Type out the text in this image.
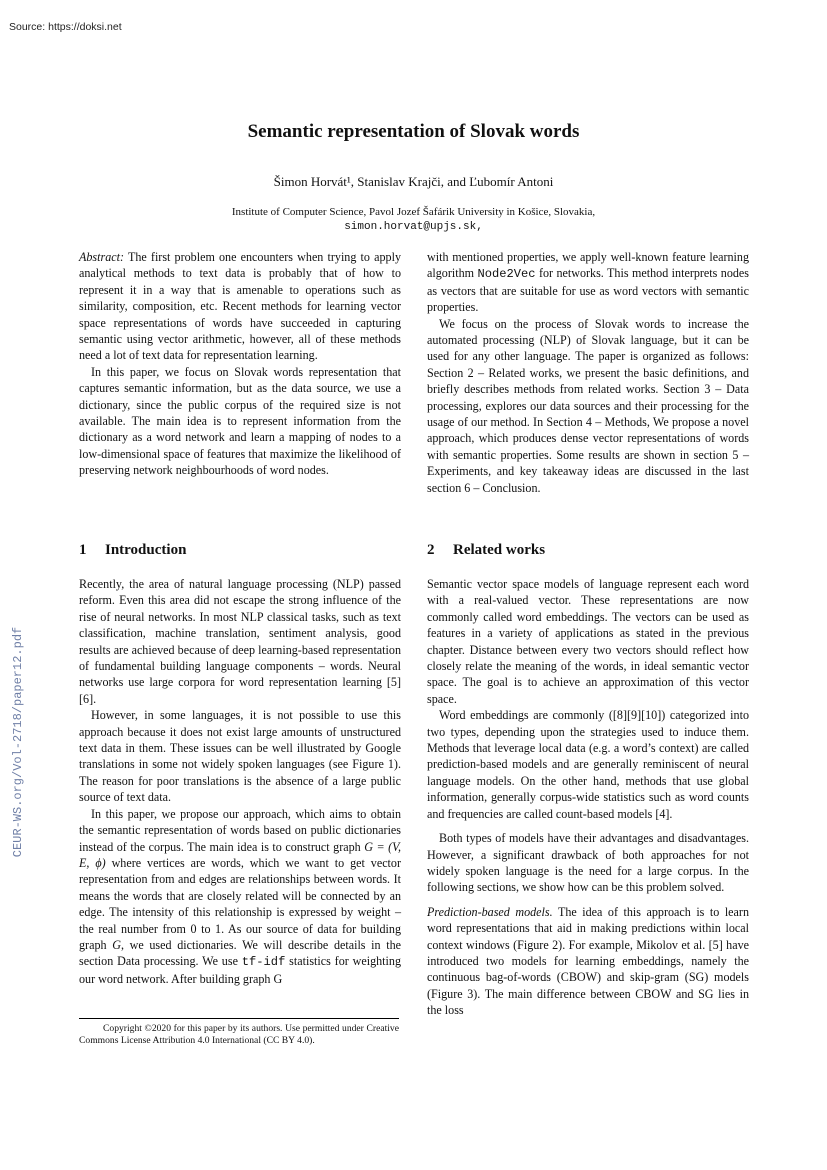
Source: https://doksi.net
CEUR-WS.org/Vol-2718/paper12.pdf
Semantic representation of Slovak words
Šimon Horvát¹, Stanislav Krajči, and Ľubomír Antoni
Institute of Computer Science, Pavol Jozef Šafárik University in Košice, Slovakia,
simon.horvat@upjs.sk,

Abstract: The first problem one encounters when trying to apply analytical methods to text data is probably that of how to represent it in a way that is amenable to operations such as similarity, composition, etc. Recent methods for learning vector space representations of words have succeeded in capturing semantic using vector arithmetic, however, all of these methods need a lot of text data for representation learning.

In this paper, we focus on Slovak words representation that captures semantic information, but as the data source, we use a dictionary, since the public corpus of the required size is not available. The main idea is to represent information from the dictionary as a word network and learn a mapping of nodes to a low-dimensional space of features that maximize the likelihood of preserving network neighbourhoods of word nodes.

1 Introduction

Recently, the area of natural language processing (NLP) passed reform. Even this area did not escape the strong influence of the rise of neural networks. In most NLP classical tasks, such as text classification, machine translation, sentiment analysis, good results are achieved because of deep learning-based representation of fundamental building language components – words. Neural networks use large corpora for word representation learning [5][6].

However, in some languages, it is not possible to use this approach because it does not exist large amounts of unstructured text data in them. These issues can be well illustrated by Google translations in some not widely spoken languages (see Figure 1). The reason for poor translations is the absence of a large public source of text data.

In this paper, we propose our approach, which aims to obtain the semantic representation of words based on public dictionaries instead of the corpus. The main idea is to construct graph G = (V, E, ϕ) where vertices are words, which we want to get vector representation from and edges are relationships between words. It means the words that are closely related will be connected by an edge. The intensity of this relationship is expressed by weight – the real number from 0 to 1. As our source of data for building graph G, we used dictionaries. We will describe details in the section Data processing. We use tf-idf statistics for weighting our word network. After building graph G

Copyright ©2020 for this paper by its authors. Use permitted under Creative Commons License Attribution 4.0 International (CC BY 4.0).

with mentioned properties, we apply well-known feature learning algorithm Node2Vec for networks. This method interprets nodes as vectors that are suitable for use as word vectors with semantic properties.

We focus on the process of Slovak words to increase the automated processing (NLP) of Slovak language, but it can be used for any other language. The paper is organized as follows: Section 2 – Related works, we present the basic definitions, and briefly describes methods from related works. Section 3 – Data processing, explores our data sources and their processing for the usage of our method. In Section 4 – Methods, We propose a novel approach, which produces dense vector representations of words with semantic properties. Some results are shown in section 5 – Experiments, and key takeaway ideas are discussed in the last section 6 – Conclusion.

2 Related works

Semantic vector space models of language represent each word with a real-valued vector. These representations are now commonly called word embeddings. The vectors can be used as features in a variety of applications as stated in the previous chapter. Distance between every two vectors should reflect how closely relate the meaning of the words, in ideal semantic vector space. The goal is to achieve an approximation of this vector space.

Word embeddings are commonly ([8][9][10]) categorized into two types, depending upon the strategies used to induce them. Methods that leverage local data (e.g. a word’s context) are called prediction-based models and are generally reminiscent of neural language models. On the other hand, methods that use global information, generally corpus-wide statistics such as word counts and frequencies are called count-based models [4].

Both types of models have their advantages and disadvantages. However, a significant drawback of both approaches for not widely spoken language is the need for a large corpus. In the following sections, we show how can be this problem solved.

Prediction-based models. The idea of this approach is to learn word representations that aid in making predictions within local context windows (Figure 2). For example, Mikolov et al. [5] have introduced two models for learning embeddings, namely the continuous bag-of-words (CBOW) and skip-gram (SG) models (Figure 3). The main difference between CBOW and SG lies in the loss
